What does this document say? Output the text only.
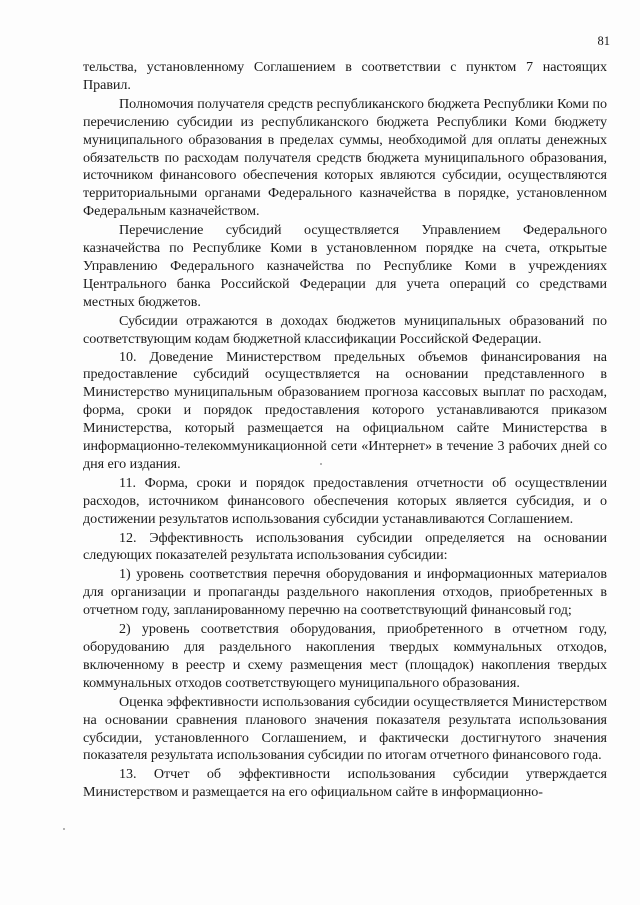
81

тельства, установленному Соглашением в соответствии с пунктом 7 настоящих Правил.

Полномочия получателя средств республиканского бюджета Республики Коми по перечислению субсидии из республиканского бюджета Республики Коми бюджету муниципального образования в пределах суммы, необходимой для оплаты денежных обязательств по расходам получателя средств бюджета муниципального образования, источником финансового обеспечения которых являются субсидии, осуществляются территориальными органами Федерального казначейства в порядке, установленном Федеральным казначейством.

Перечисление субсидий осуществляется Управлением Федерального казначейства по Республике Коми в установленном порядке на счета, открытые Управлению Федерального казначейства по Республике Коми в учреждениях Центрального банка Российской Федерации для учета операций со средствами местных бюджетов.

Субсидии отражаются в доходах бюджетов муниципальных образований по соответствующим кодам бюджетной классификации Российской Федерации.

10. Доведение Министерством предельных объемов финансирования на предоставление субсидий осуществляется на основании представленного в Министерство муниципальным образованием прогноза кассовых выплат по расходам, форма, сроки и порядок предоставления которого устанавливаются приказом Министерства, который размещается на официальном сайте Министерства в информационно-телекоммуникационной сети «Интернет» в течение 3 рабочих дней со дня его издания.

11. Форма, сроки и порядок предоставления отчетности об осуществлении расходов, источником финансового обеспечения которых является субсидия, и о достижении результатов использования субсидии устанавливаются Соглашением.

12. Эффективность использования субсидии определяется на основании следующих показателей результата использования субсидии:

1) уровень соответствия перечня оборудования и информационных материалов для организации и пропаганды раздельного накопления отходов, приобретенных в отчетном году, запланированному перечню на соответствующий финансовый год;

2) уровень соответствия оборудования, приобретенного в отчетном году, оборудованию для раздельного накопления твердых коммунальных отходов, включенному в реестр и схему размещения мест (площадок) накопления твердых коммунальных отходов соответствующего муниципального образования.

Оценка эффективности использования субсидии осуществляется Министерством на основании сравнения планового значения показателя результата использования субсидии, установленного Соглашением, и фактически достигнутого значения показателя результата использования субсидии по итогам отчетного финансового года.

13. Отчет об эффективности использования субсидии утверждается Министерством и размещается на его официальном сайте в информационно-
